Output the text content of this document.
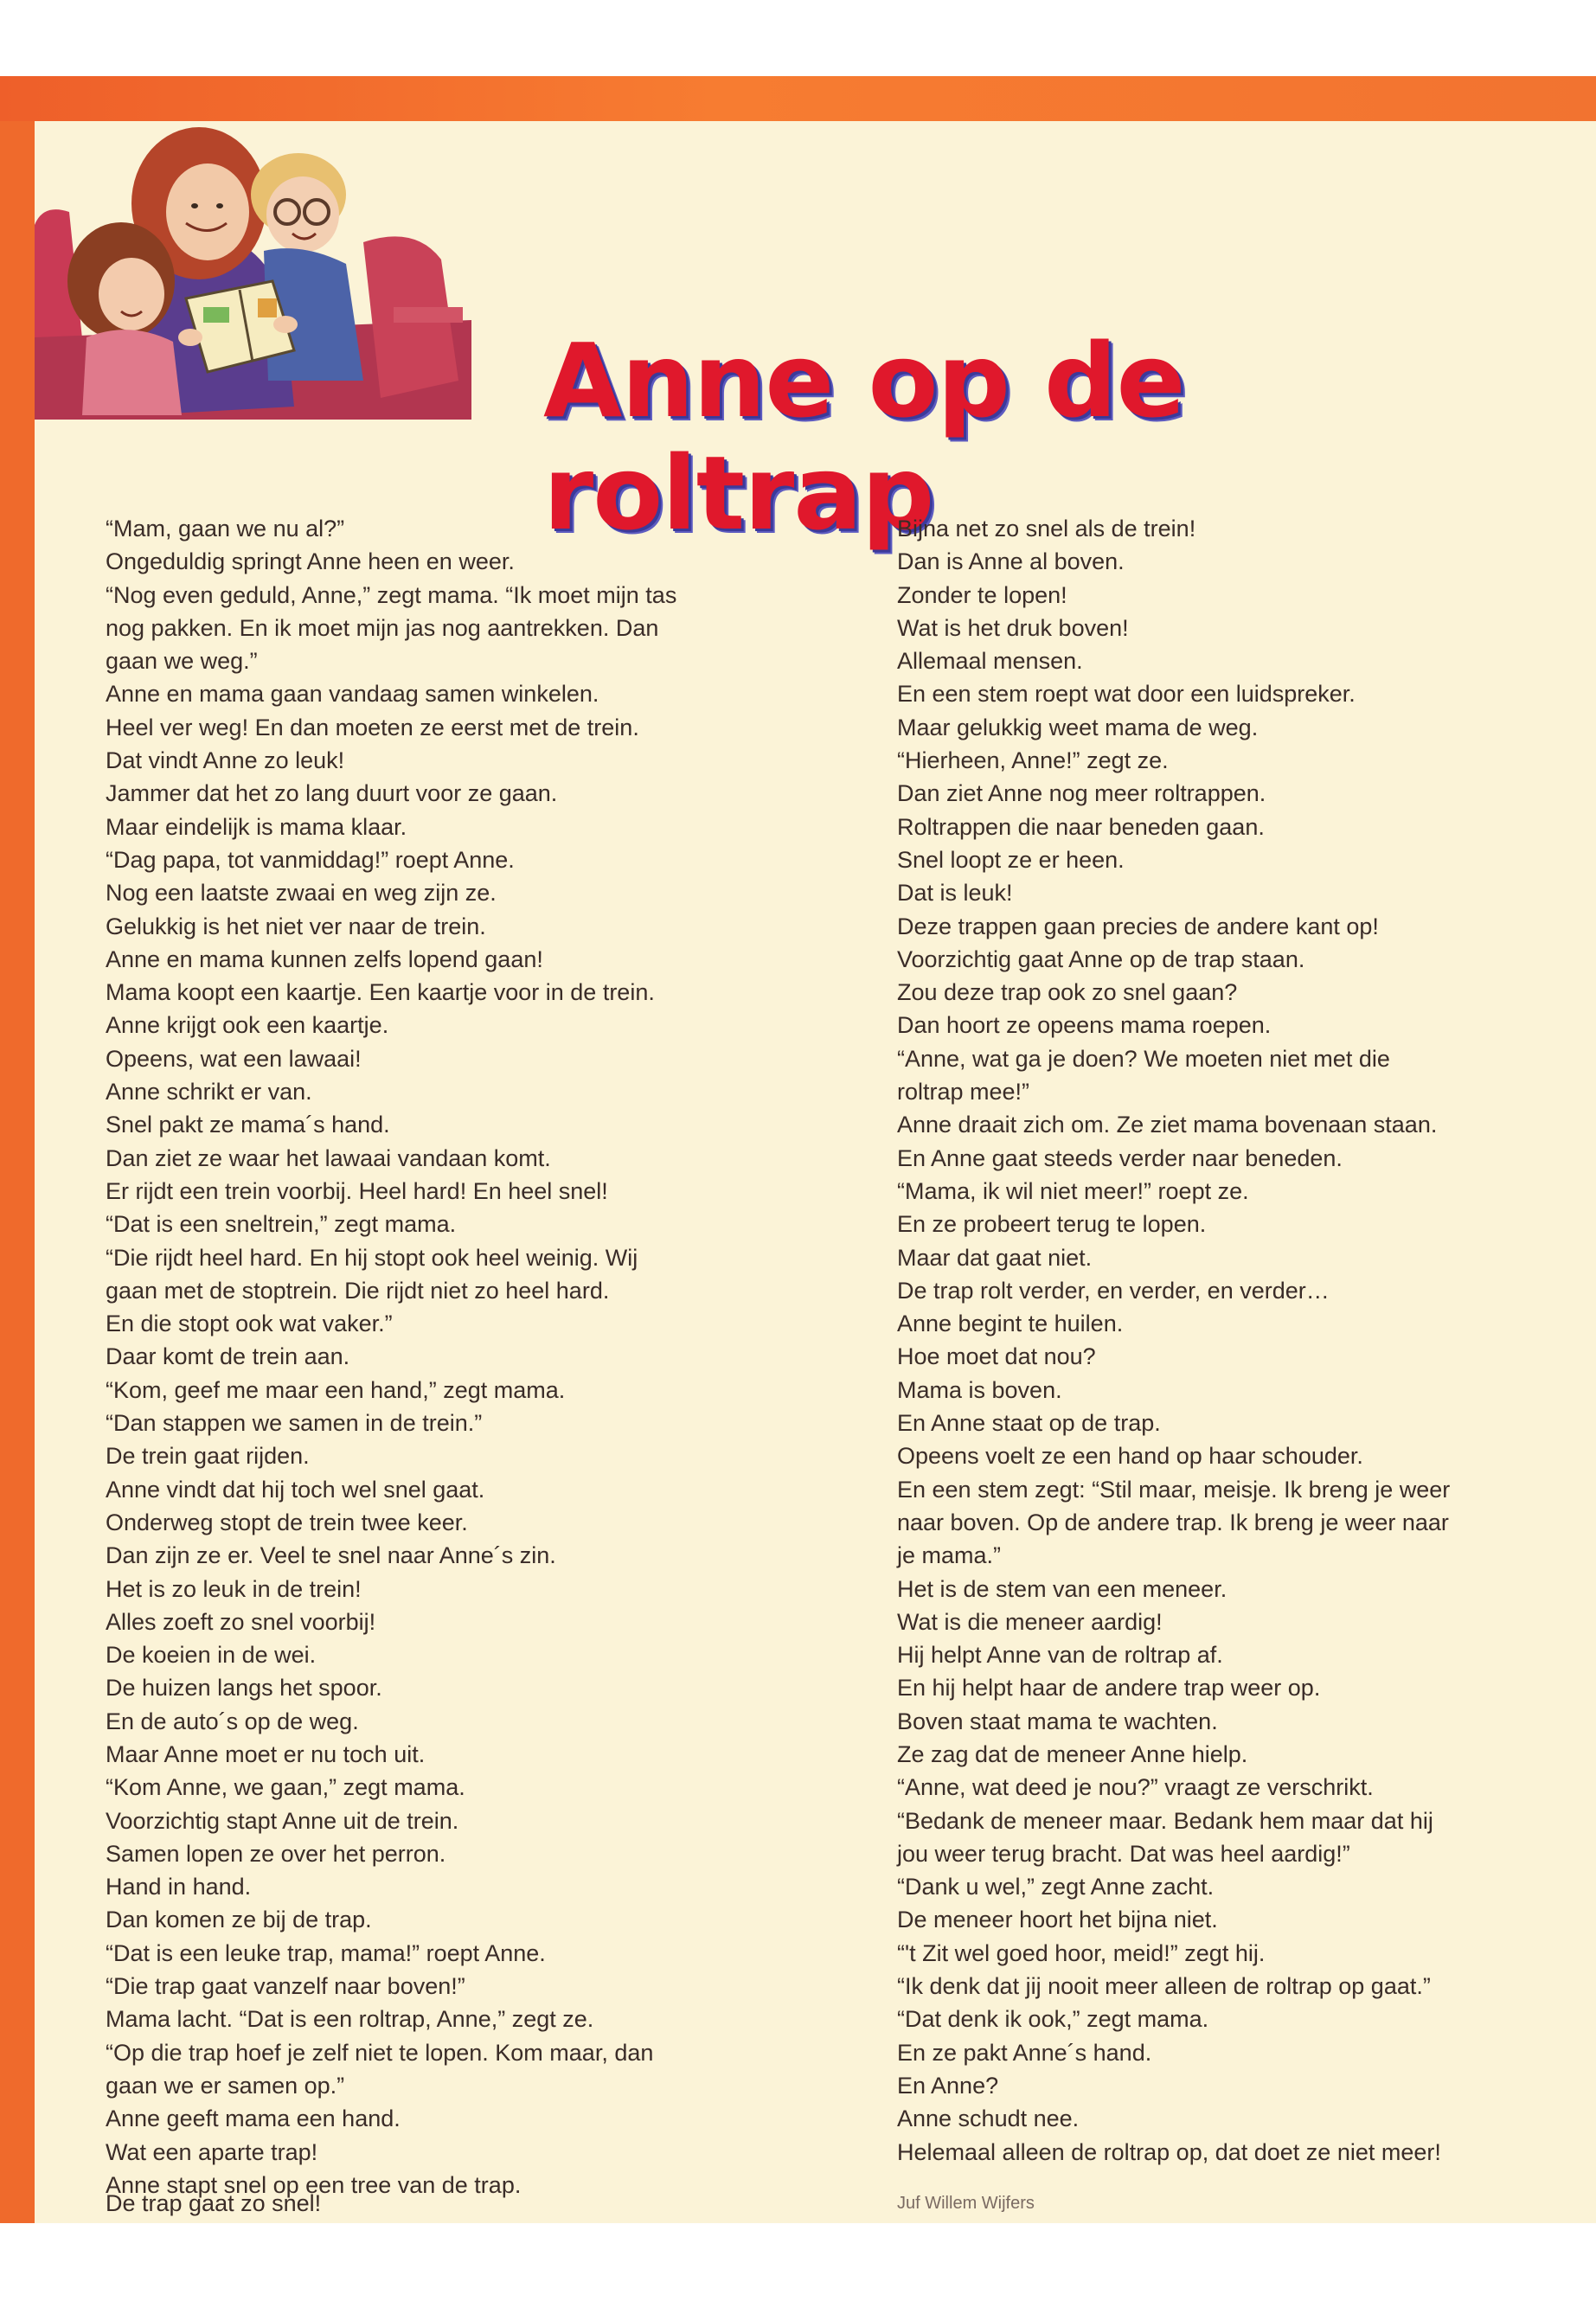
Anne op de roltrap
“Mam, gaan we nu al?”
Ongeduldig springt Anne heen en weer.
“Nog even geduld, Anne,” zegt mama. “Ik moet mijn tas
nog pakken. En ik moet mijn jas nog aantrekken. Dan
gaan we weg.”
Anne en mama gaan vandaag samen winkelen.
Heel ver weg! En dan moeten ze eerst met de trein.
Dat vindt Anne zo leuk!
Jammer dat het zo lang duurt voor ze gaan.
Maar eindelijk is mama klaar.
“Dag papa, tot vanmiddag!” roept Anne.
Nog een laatste zwaai en weg zijn ze.
Gelukkig is het niet ver naar de trein.
Anne en mama kunnen zelfs lopend gaan!
Mama koopt een kaartje. Een kaartje voor in de trein.
Anne krijgt ook een kaartje.
Opeens, wat een lawaai!
Anne schrikt er van.
Snel pakt ze mama´s hand.
Dan ziet ze waar het lawaai vandaan komt.
Er rijdt een trein voorbij. Heel hard! En heel snel!
“Dat is een sneltrein,” zegt mama.
“Die rijdt heel hard. En hij stopt ook heel weinig. Wij
gaan met de stoptrein. Die rijdt niet zo heel hard.
En die stopt ook wat vaker.”
Daar komt de trein aan.
“Kom, geef me maar een hand,” zegt mama.
“Dan stappen we samen in de trein.”
De trein gaat rijden.
Anne vindt dat hij toch wel snel gaat.
Onderweg stopt de trein twee keer.
Dan zijn ze er. Veel te snel naar Anne´s zin.
Het is zo leuk in de trein!
Alles zoeft zo snel voorbij!
De koeien in de wei.
De huizen langs het spoor.
En de auto´s op de weg.
Maar Anne moet er nu toch uit.
“Kom Anne, we gaan,” zegt mama.
Voorzichtig stapt Anne uit de trein.
Samen lopen ze over het perron.
Hand in hand.
Dan komen ze bij de trap.
“Dat is een leuke trap, mama!” roept Anne.
“Die trap gaat vanzelf naar boven!”
Mama lacht. “Dat is een roltrap, Anne,” zegt ze.
“Op die trap hoef je zelf niet te lopen. Kom maar, dan
gaan we er samen op.”
Anne geeft mama een hand.
Wat een aparte trap!
Anne stapt snel op een tree van de trap.
Bijna net zo snel als de trein!
Dan is Anne al boven.
Zonder te lopen!
Wat is het druk boven!
Allemaal mensen.
En een stem roept wat door een luidspreker.
Maar gelukkig weet mama de weg.
“Hierheen, Anne!” zegt ze.
Dan ziet Anne nog meer roltrappen.
Roltrappen die naar beneden gaan.
Snel loopt ze er heen.
Dat is leuk!
Deze trappen gaan precies de andere kant op!
Voorzichtig gaat Anne op de trap staan.
Zou deze trap ook zo snel gaan?
Dan hoort ze opeens mama roepen.
“Anne, wat ga je doen? We moeten niet met die
roltrap mee!”
Anne draait zich om. Ze ziet mama bovenaan staan.
En Anne gaat steeds verder naar beneden.
“Mama, ik wil niet meer!” roept ze.
En ze probeert terug te lopen.
Maar dat gaat niet.
De trap rolt verder, en verder, en verder…
Anne begint te huilen.
Hoe moet dat nou?
Mama is boven.
En Anne staat op de trap.
Opeens voelt ze een hand op haar schouder.
En een stem zegt: “Stil maar, meisje. Ik breng je weer
naar boven. Op de andere trap. Ik breng je weer naar
je mama.”
Het is de stem van een meneer.
Wat is die meneer aardig!
Hij helpt Anne van de roltrap af.
En hij helpt haar de andere trap weer op.
Boven staat mama te wachten.
Ze zag dat de meneer Anne hielp.
“Anne, wat deed je nou?” vraagt ze verschrikt.
“Bedank de meneer maar. Bedank hem maar dat hij
jou weer terug bracht. Dat was heel aardig!”
“Dank u wel,” zegt Anne zacht.
De meneer hoort het bijna niet.
“'t Zit wel goed hoor, meid!” zegt hij.
“Ik denk dat jij nooit meer alleen de roltrap op gaat.”
“Dat denk ik ook,” zegt mama.
En ze pakt Anne´s hand.
En Anne?
Anne schudt nee.
Helemaal alleen de roltrap op, dat doet ze niet meer!
De trap gaat zo snel!	Juf Willem Wijfers
